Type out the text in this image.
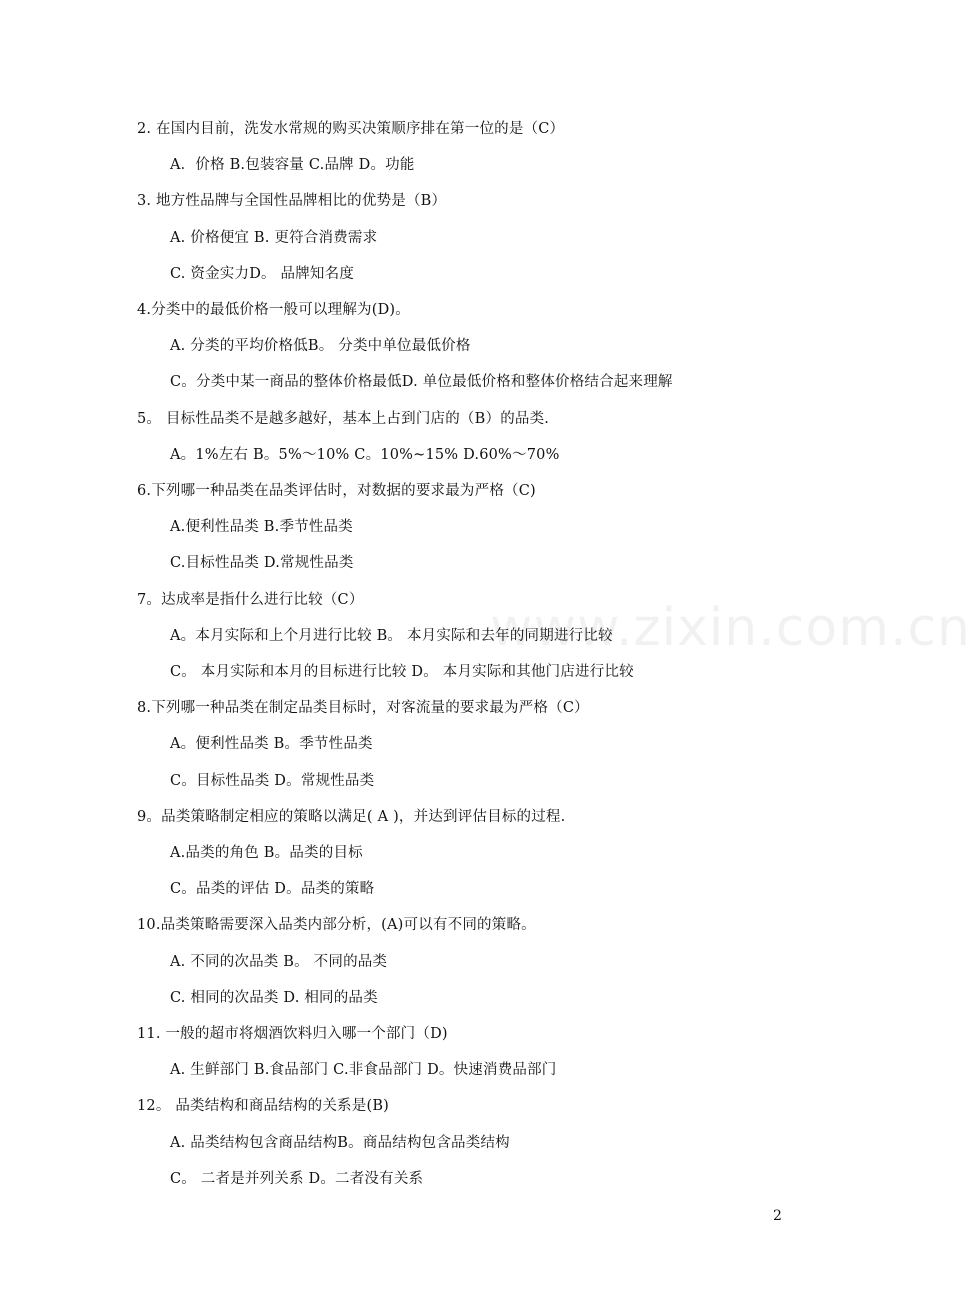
www.zixin.com.cn
2. 在国内目前，洗发水常规的购买决策顺序排在第一位的是（C）
A．价格 B.包装容量 C.品牌 D。功能
3. 地方性品牌与全国性品牌相比的优势是（B）
A. 价格便宜 B. 更符合消费需求
C. 资金实力D。 品牌知名度
4.分类中的最低价格一般可以理解为(D)。
A. 分类的平均价格低B。 分类中单位最低价格
C。分类中某一商品的整体价格最低D. 单位最低价格和整体价格结合起来理解
5。 目标性品类不是越多越好，基本上占到门店的（B）的品类.
A。1%左右 B。5%～10% C。10%~15% D.60%～70%
6.下列哪一种品类在品类评估时，对数据的要求最为严格（C)
A.便利性品类 B.季节性品类
C.目标性品类 D.常规性品类
7。达成率是指什么进行比较（C）
A。本月实际和上个月进行比较 B。 本月实际和去年的同期进行比较
C。 本月实际和本月的目标进行比较 D。 本月实际和其他门店进行比较
8.下列哪一种品类在制定品类目标时，对客流量的要求最为严格（C）
A。便利性品类 B。季节性品类
C。目标性品类 D。常规性品类
9。品类策略制定相应的策略以满足( A )，并达到评估目标的过程.
A.品类的角色 B。品类的目标
C。品类的评估 D。品类的策略
10.品类策略需要深入品类内部分析，(A)可以有不同的策略。
A. 不同的次品类 B。 不同的品类
C. 相同的次品类 D. 相同的品类
11. 一般的超市将烟酒饮料归入哪一个部门（D)
A. 生鲜部门 B.食品部门 C.非食品部门 D。快速消费品部门
12。 品类结构和商品结构的关系是(B)
A. 品类结构包含商品结构B。商品结构包含品类结构
C。 二者是并列关系 D。二者没有关系
2
